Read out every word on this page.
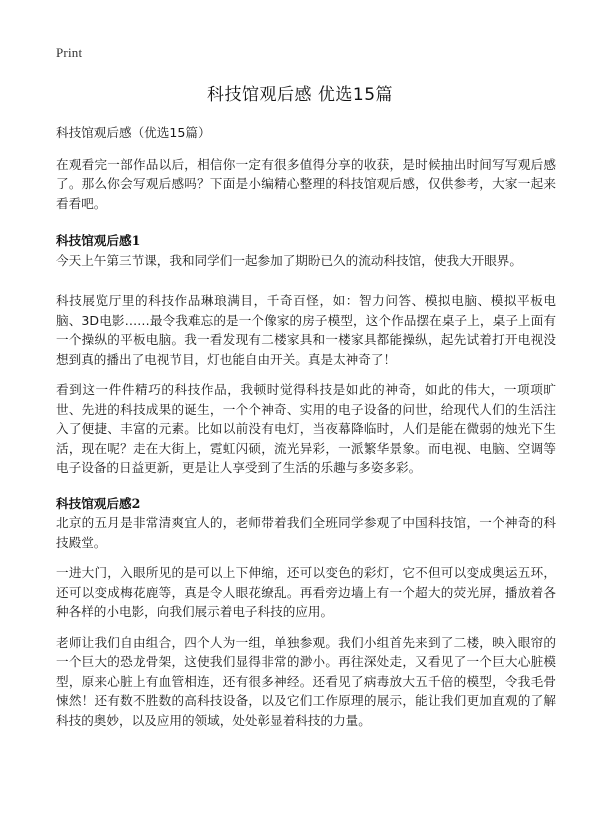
Print
科技馆观后感 优选15篇

科技馆观后感（优选15篇）

在观看完一部作品以后，相信你一定有很多值得分享的收获，是时候抽出时间写写观后感了。那么你会写观后感吗？下面是小编精心整理的科技馆观后感，仅供参考，大家一起来看看吧。

科技馆观后感1

今天上午第三节课，我和同学们一起参加了期盼已久的流动科技馆，使我大开眼界。

科技展览厅里的科技作品琳琅满目，千奇百怪，如：智力问答、模拟电脑、模拟平板电脑、3D电影……最令我难忘的是一个像家的房子模型，这个作品摆在桌子上，桌子上面有一个操纵的平板电脑。我一看发现有二楼家具和一楼家具都能操纵，起先试着打开电视没想到真的播出了电视节目，灯也能自由开关。真是太神奇了！

看到这一件件精巧的科技作品，我顿时觉得科技是如此的神奇，如此的伟大，一项项旷世、先进的科技成果的诞生，一个个神奇、实用的电子设备的问世，给现代人们的生活注入了便捷、丰富的元素。比如以前没有电灯，当夜幕降临时，人们是能在微弱的烛光下生活，现在呢？走在大街上，霓虹闪硕，流光异彩，一派繁华景象。而电视、电脑、空调等电子设备的日益更新，更是让人享受到了生活的乐趣与多姿多彩。

科技馆观后感2

北京的五月是非常清爽宜人的，老师带着我们全班同学参观了中国科技馆，一个神奇的科技殿堂。

一进大门，入眼所见的是可以上下伸缩，还可以变色的彩灯，它不但可以变成奥运五环，还可以变成梅花鹿等，真是令人眼花缭乱。再看旁边墙上有一个超大的荧光屏，播放着各种各样的小电影，向我们展示着电子科技的应用。

老师让我们自由组合，四个人为一组，单独参观。我们小组首先来到了二楼，映入眼帘的一个巨大的恐龙骨架，这使我们显得非常的渺小。再往深处走，又看见了一个巨大心脏模型，原来心脏上有血管相连，还有很多神经。还看见了病毒放大五千倍的模型，令我毛骨悚然！还有数不胜数的高科技设备，以及它们工作原理的展示，能让我们更加直观的了解科技的奥妙，以及应用的领域，处处彰显着科技的力量。
